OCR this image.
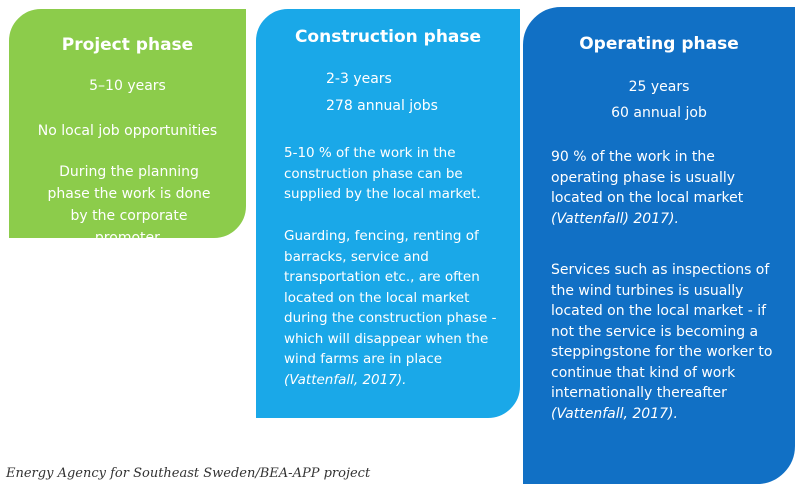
Project phase
5–10 years
No local job opportunities
During the planning phase the work is done by the corporate promoter.
Construction phase
2-3 years
278 annual jobs
5-10 % of the work in the construction phase can be supplied by the local market.
Guarding, fencing, renting of barracks, service and transportation etc., are often located on the local market during the construction phase - which will disappear when the wind farms are in place (Vattenfall, 2017).
Operating phase
25 years
60 annual job
90 % of the work in the operating phase is usually located on the local market (Vattenfall) 2017).
Services such as inspections of the wind turbines is usually located on the local market - if not the service is becoming a steppingstone for the worker to continue that kind of work internationally thereafter (Vattenfall, 2017).
Energy Agency for Southeast Sweden/BEA-APP project
